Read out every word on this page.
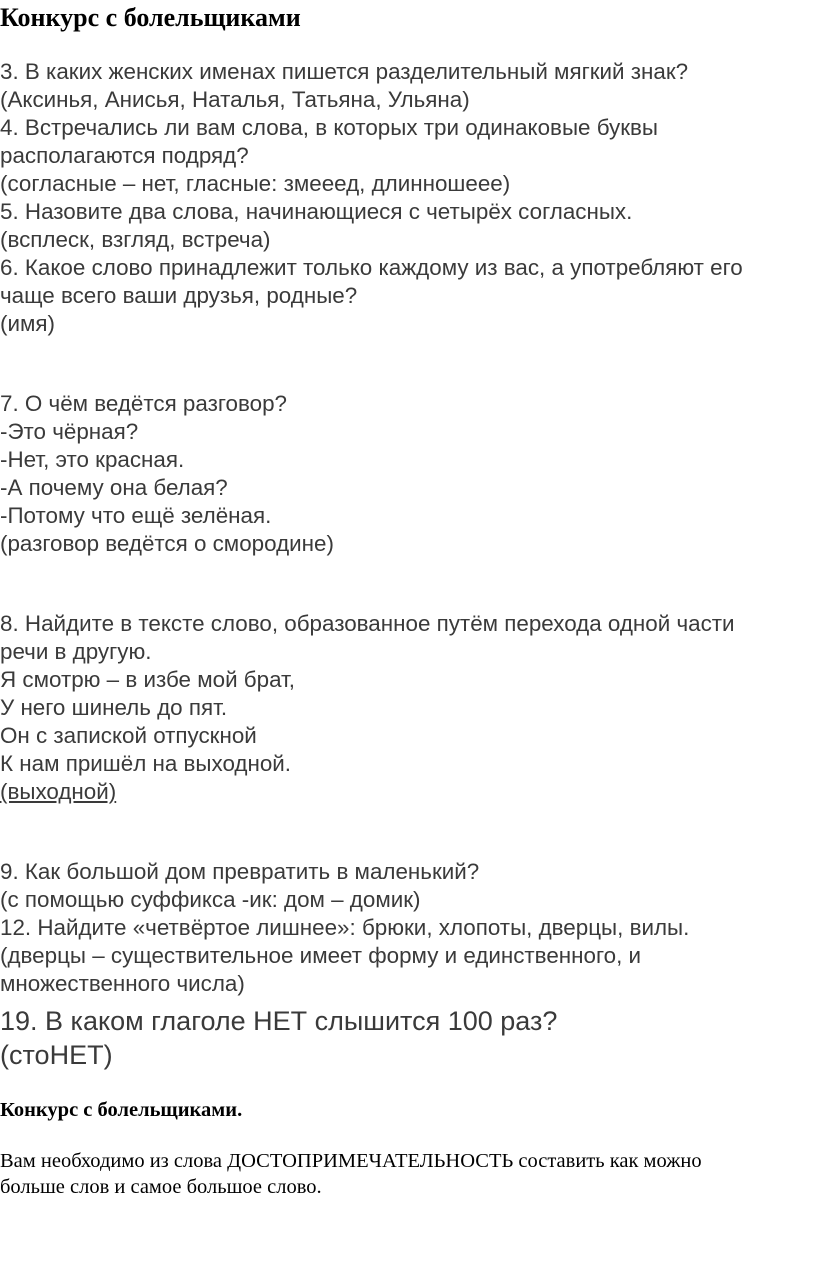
Конкурс с болельщиками

3. В каких женских именах пишется разделительный мягкий знак?

(Аксинья, Анисья, Наталья, Татьяна, Ульяна)

4. Встречались ли вам слова, в которых три одинаковые буквы

располагаются подряд?

(согласные – нет, гласные: змееед, длинношеее)

5. Назовите два слова, начинающиеся с четырёх согласных.

(всплеск, взгляд, встреча)

6. Какое слово принадлежит только каждому из вас, а употребляют его

чаще всего ваши друзья, родные?

(имя)

7. О чём ведётся разговор?

-Это чёрная?

-Нет, это красная.

-А почему она белая?

-Потому что ещё зелёная.

(разговор ведётся о смородине)

8. Найдите в тексте слово, образованное путём перехода одной части

речи в другую.

Я смотрю – в избе мой брат,

У него шинель до пят.

Он с запиской отпускной

К нам пришёл на выходной.

(выходной)

9. Как большой дом превратить в маленький?

(с помощью суффикса -ик: дом – домик)

12. Найдите «четвёртое лишнее»: брюки, хлопоты, дверцы, вилы.

(дверцы – существительное имеет форму и единственного, и

множественного числа)

19. В каком глаголе НЕТ слышится 100 раз?

(стоНЕТ)

Конкурс с болельщиками.

Вам необходимо из слова ДОСТОПРИМЕЧАТЕЛЬНОСТЬ составить как можно

больше слов и самое большое слово.
